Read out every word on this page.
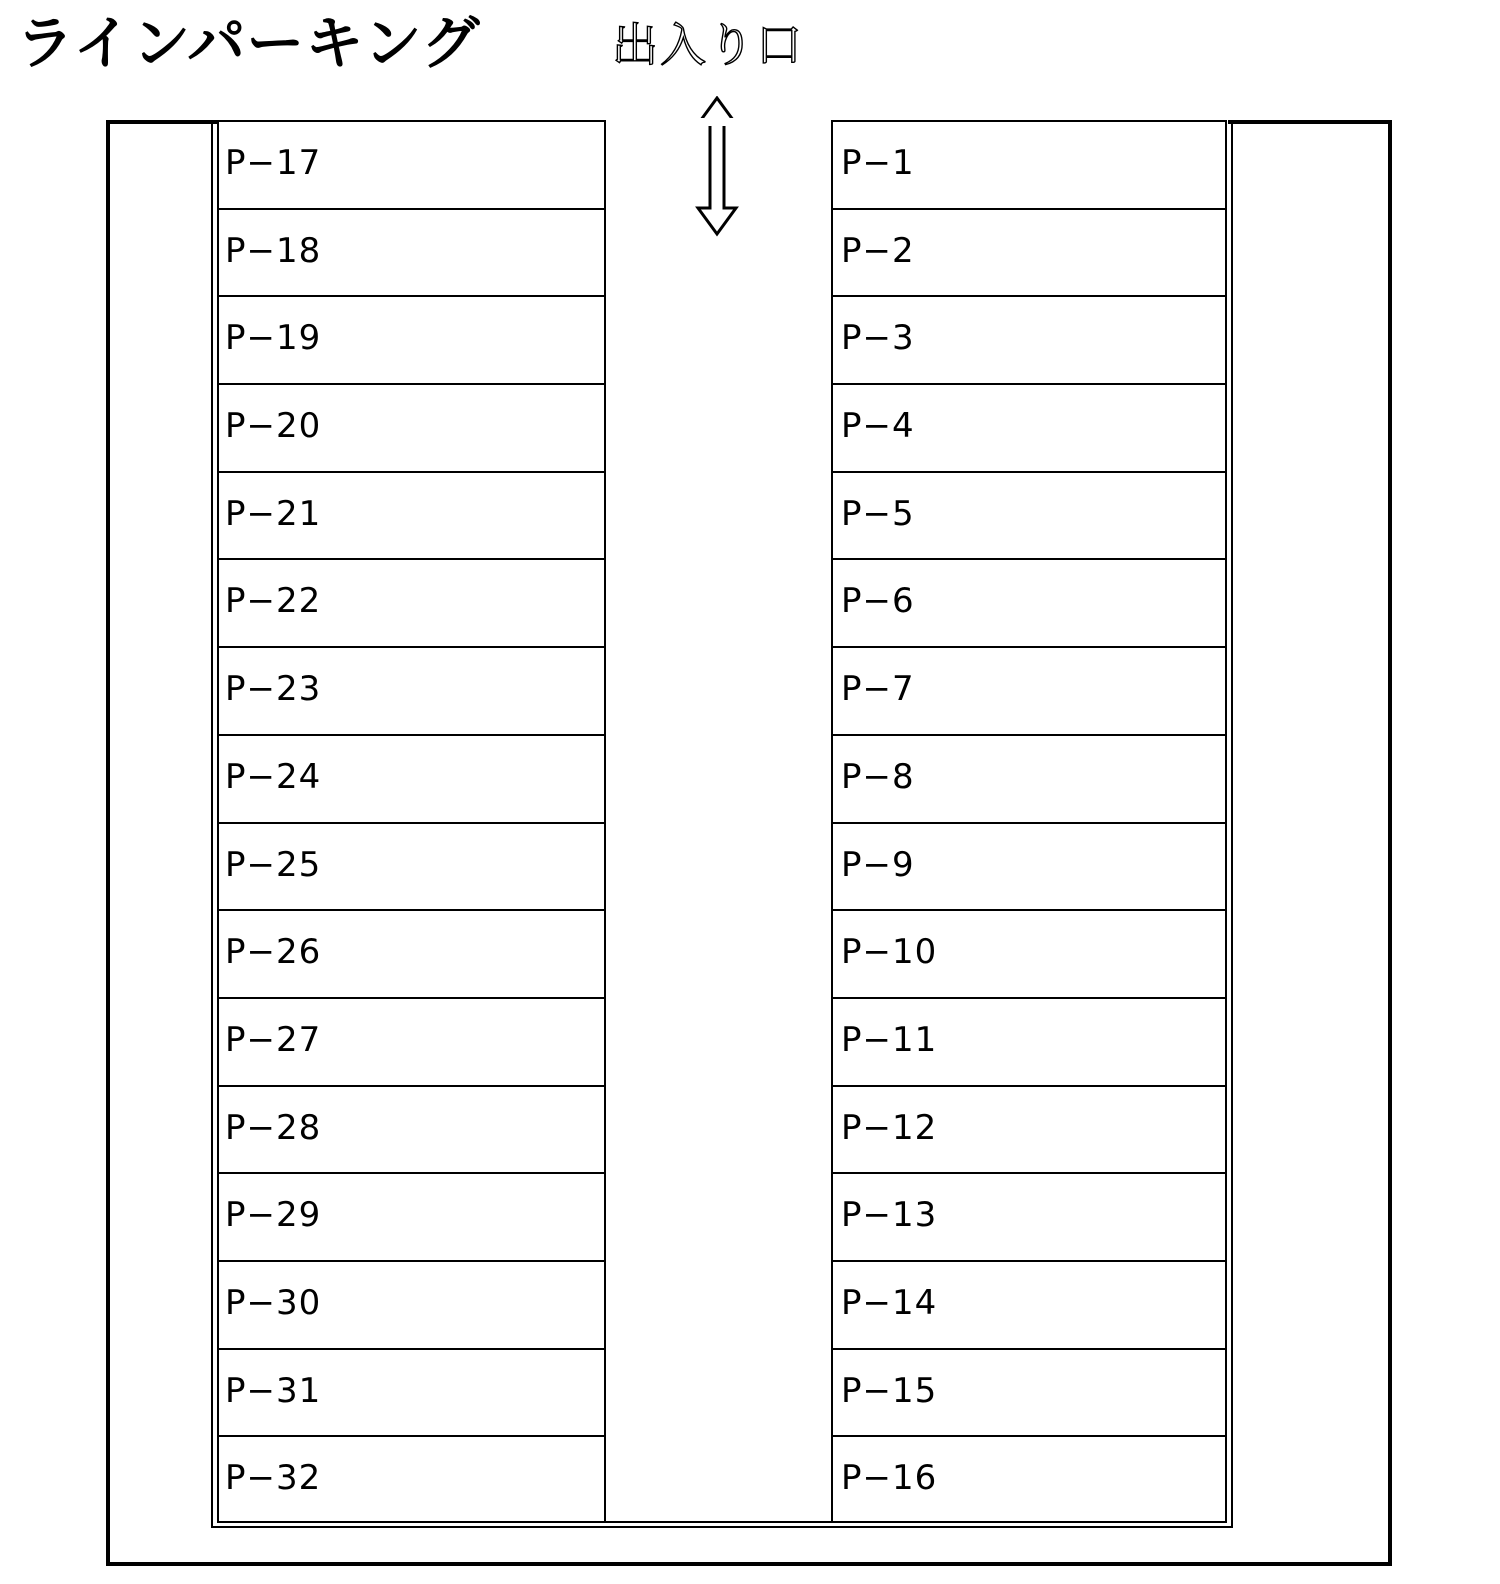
ラインパーキング	出入り口
P−17
P−18
P−19
P−20
P−21
P−22
P−23
P−24
P−25
P−26
P−27
P−28
P−29
P−30
P−31
P−32
P−1
P−2
P−3
P−4
P−5
P−6
P−7
P−8
P−9
P−10
P−11
P−12
P−13
P−14
P−15
P−16
